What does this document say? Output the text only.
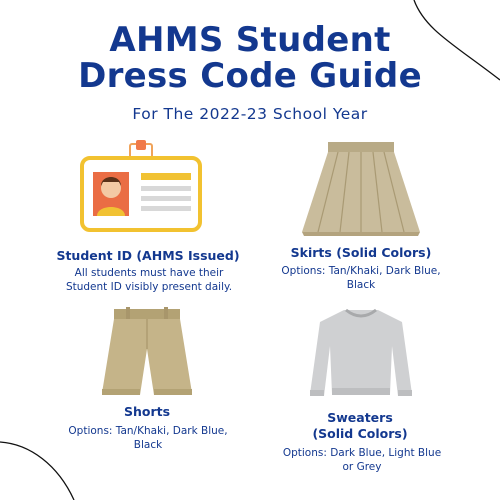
AHMS Student
Dress Code Guide
For The 2022-23 School Year
Student ID (AHMS Issued)
All students must have their
Student ID visibly present daily.
Skirts (Solid Colors)
Options: Tan/Khaki, Dark Blue,
Black
Shorts
Options: Tan/Khaki, Dark Blue,
Black
Sweaters
(Solid Colors)
Options: Dark Blue, Light Blue
or Grey
